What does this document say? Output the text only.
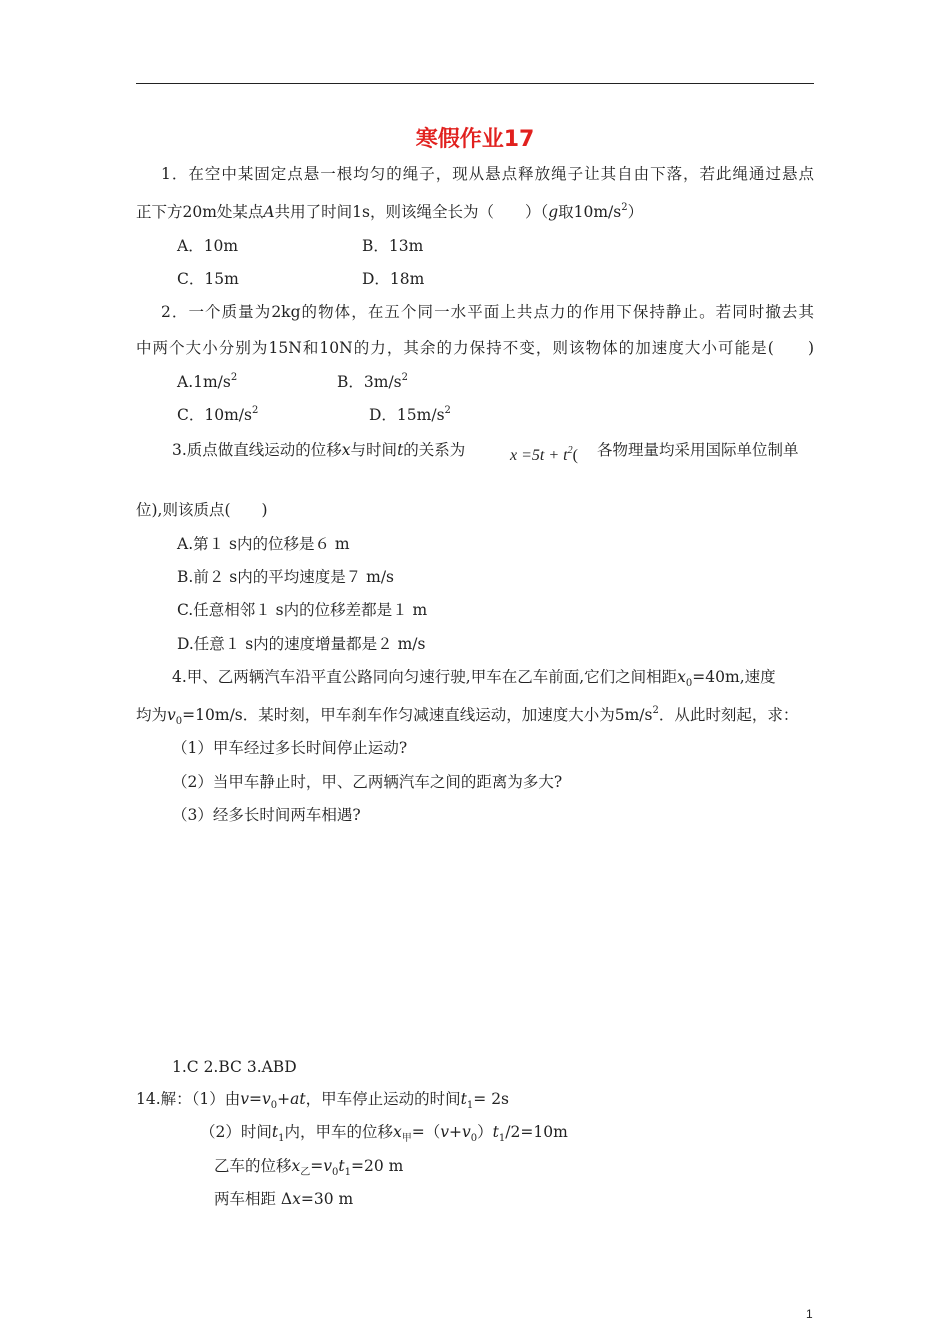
寒假作业17
1．在空中某固定点悬一根均匀的绳子，现从悬点释放绳子让其自由下落，若此绳通过悬点
正下方20m处某点A共用了时间1s，则该绳全长为（　　）（g取$10m/s^2$）
A．10m	B．13m
C．15m	D．18m
2．一个质量为2kg的物体，在五个同一水平面上共点力的作用下保持静止。若同时撤去其
中两个大小分别为15N和10N的力，其余的力保持不变，则该物体的加速度大小可能是(　　)
$A.1m/s^2$	B．$3m/s^2$
C．$10m/s^2$	D．$15m/s^2$
3.质点做直线运动的位移x与时间t的关系为	$x =5t + t^2$( 各物理量均采用国际单位制单
位),则该质点(　　)
A.第１ s内的位移是６ m
B.前２ s内的平均速度是７ m/s
C.任意相邻１ s内的位移差都是１ m
D.任意１ s内的速度增量都是２ m/s
4.甲、乙两辆汽车沿平直公路同向匀速行驶,甲车在乙车前面,它们之间相距$x_0=40m$,速度
均为$v_0=10m/s$．某时刻，甲车刹车作匀减速直线运动，加速度大小为$5m/s^2$．从此时刻起，求：
（1）甲车经过多长时间停止运动?
（2）当甲车静止时，甲、乙两辆汽车之间的距离为多大?
（3）经多长时间两车相遇?
1.C 2.BC 3.ABD
14.解：（1）由$v=v_0+at$，甲车停止运动的时间$t_1= 2s$
（2）时间$t_1$内，甲车的位移$x_甲=(v+v_0)t_1/2=10m$
乙车的位移$x_乙=v_0t_1=20$ m
两车相距 Δx=30 m
1
